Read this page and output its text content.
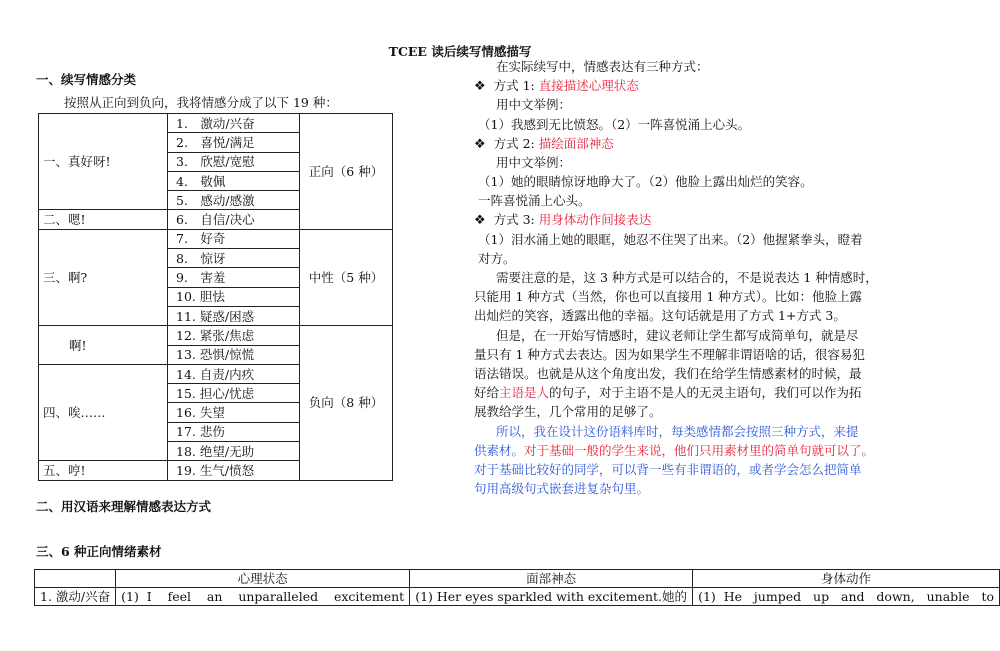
TCEE 读后续写情感描写
一、续写情感分类
按照从正向到负向，我将情感分成了以下 19 种：
一、真好呀!	1.　激动/兴奋	正向（6 种）
	2.　喜悦/满足	
	3.　欣慰/宽慰	
	4.　敬佩	
	5.　感动/感激	
二、嗯!	6.　自信/决心	
三、啊?	7.　好奇	中性（5 种）
	8.　惊讶	
	9.　害羞	
	10. 胆怯	
	11. 疑惑/困惑	
啊!	12. 紧张/焦虑	负向（8 种）
	13. 恐惧/惊慌	
四、唉……	14. 自责/内疚	
	15. 担心/忧虑	
	16. 失望	
	17. 悲伤	
	18. 绝望/无助	
五、哼!	19. 生气/愤怒	
二、用汉语来理解情感表达方式
三、6 种正向情绪素材
在实际续写中，情感表达有三种方式：
❖ 方式 1: 直接描述心理状态
用中文举例：
（1）我感到无比愤怒。（2）一阵喜悦涌上心头。
❖ 方式 2: 描绘面部神态
用中文举例：
（1）她的眼睛惊讶地睁大了。（2）他脸上露出灿烂的笑容。
一阵喜悦涌上心头。
❖ 方式 3: 用身体动作间接表达
（1）泪水涌上她的眼眶，她忍不住哭了出来。（2）他握紧拳头，瞪着
对方。
需要注意的是，这 3 种方式是可以结合的，不是说表达 1 种情感时，
只能用 1 种方式（当然，你也可以直接用 1 种方式）。比如：他脸上露
出灿烂的笑容，透露出他的幸福。这句话就是用了方式 1+方式 3。
但是，在一开始写情感时，建议老师让学生都写成简单句，就是尽
量只有 1 种方式去表达。因为如果学生不理解非谓语啥的话，很容易犯
语法错误。也就是从这个角度出发，我们在给学生情感素材的时候，最
好给主语是人的句子，对于主语不是人的无灵主语句，我们可以作为拓
展教给学生，几个常用的足够了。
所以，我在设计这份语料库时，每类感情都会按照三种方式，来提
供素材。对于基础一般的学生来说，他们只用素材里的简单句就可以了。
对于基础比较好的同学，可以背一些有非谓语的，或者学会怎么把简单
句用高级句式嵌套进复杂句里。
	心理状态	面部神态	身体动作
1. 激动/兴奋	(1)  I    feel    an    unparalleled    excitement	(1) Her eyes sparkled with excitement.她的	(1)  He   jumped   up   and   down,   unable   to
